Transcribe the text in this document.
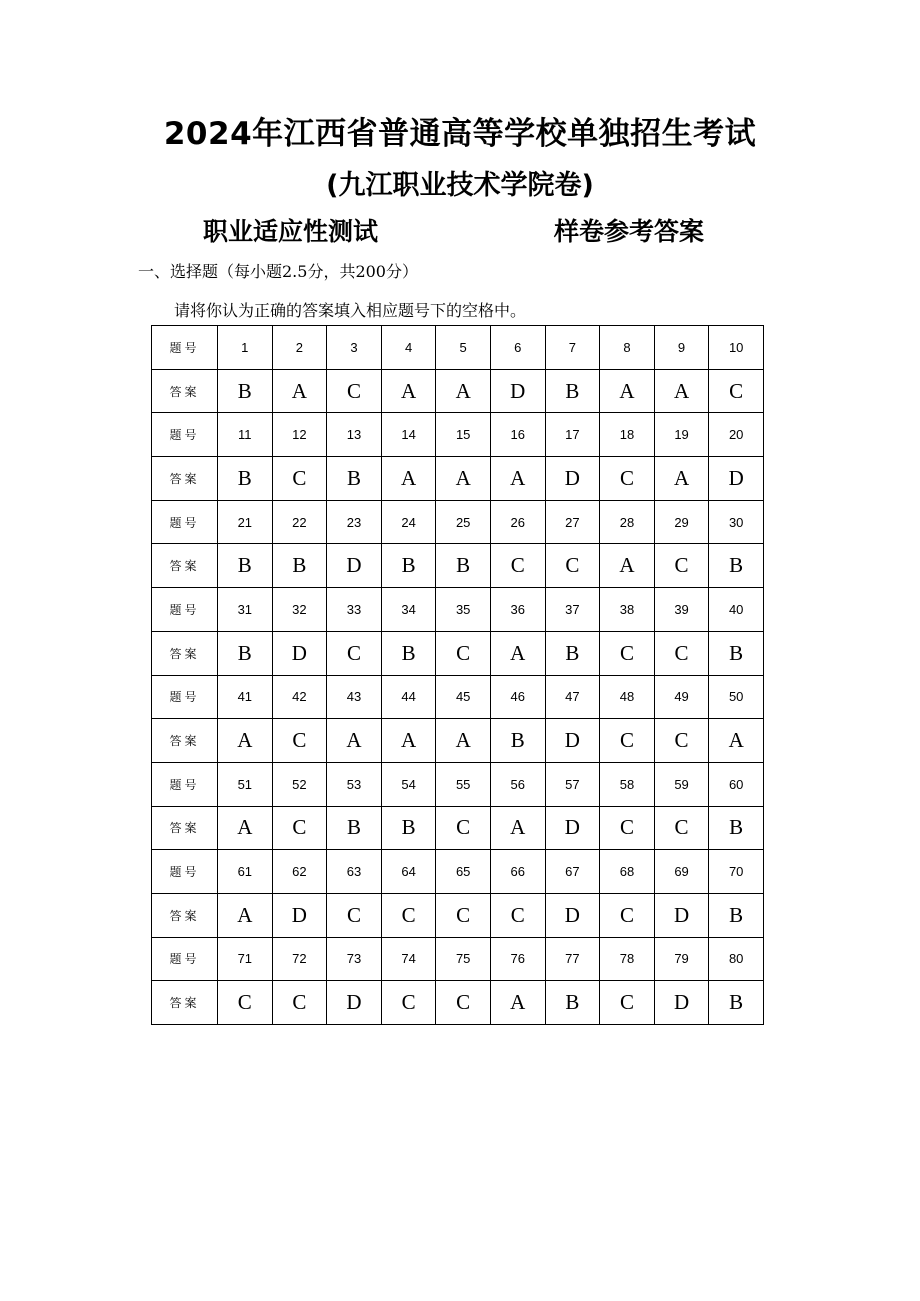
2024年江西省普通高等学校单独招生考试
(九江职业技术学院卷)
职业适应性测试	样卷参考答案
一、选择题（每小题2.5分，共200分）
请将你认为正确的答案填入相应题号下的空格中。
题号	1	2	3	4	5	6	7	8	9	10
答案	B	A	C	A	A	D	B	A	A	C
题号	11	12	13	14	15	16	17	18	19	20
答案	B	C	B	A	A	A	D	C	A	D
题号	21	22	23	24	25	26	27	28	29	30
答案	B	B	D	B	B	C	C	A	C	B
题号	31	32	33	34	35	36	37	38	39	40
答案	B	D	C	B	C	A	B	C	C	B
题号	41	42	43	44	45	46	47	48	49	50
答案	A	C	A	A	A	B	D	C	C	A
题号	51	52	53	54	55	56	57	58	59	60
答案	A	C	B	B	C	A	D	C	C	B
题号	61	62	63	64	65	66	67	68	69	70
答案	A	D	C	C	C	C	D	C	D	B
题号	71	72	73	74	75	76	77	78	79	80
答案	C	C	D	C	C	A	B	C	D	B
